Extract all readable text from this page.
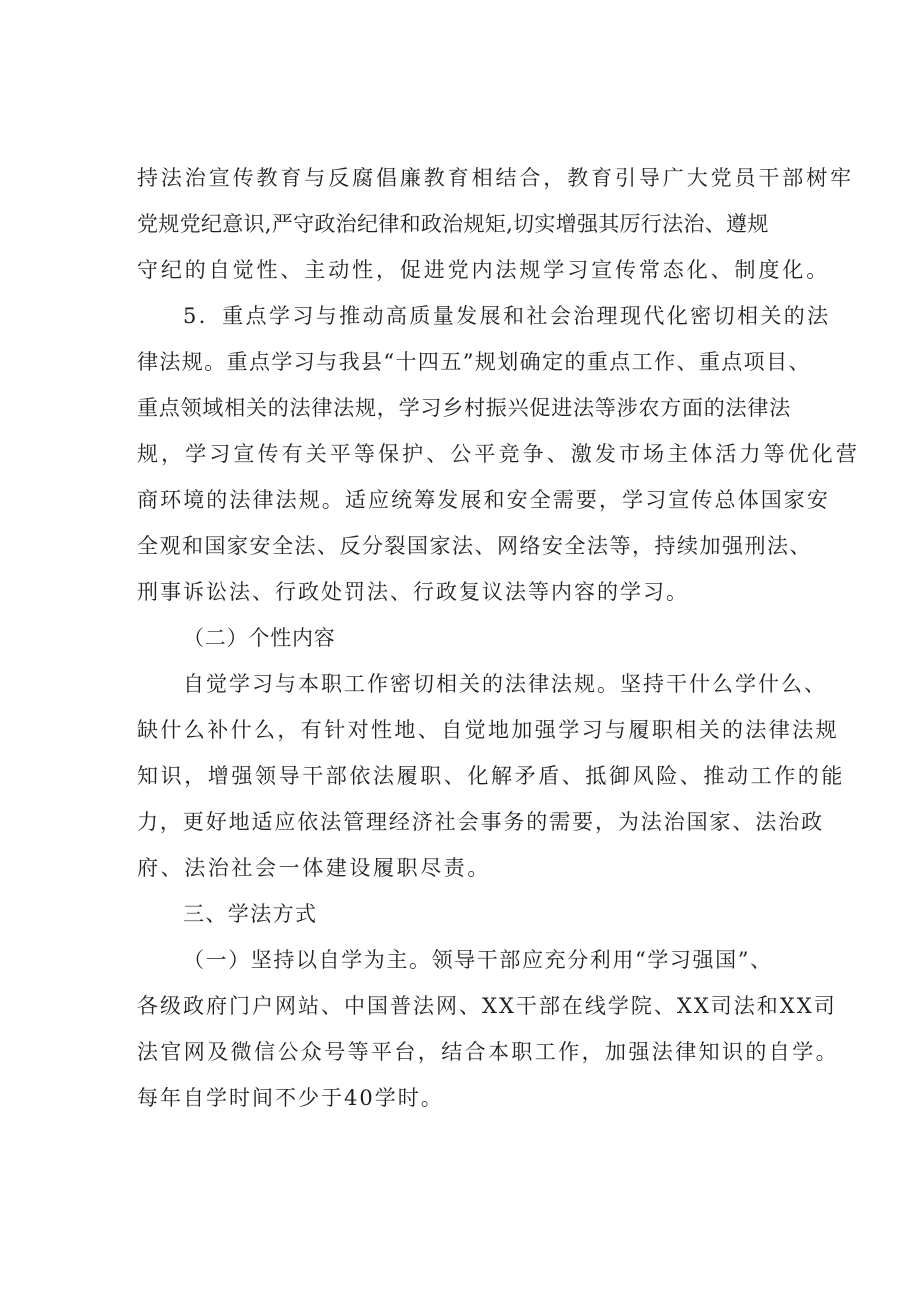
持法治宣传教育与反腐倡廉教育相结合，教育引导广大党员干部树牢
党规党纪意识,严守政治纪律和政治规矩,切实增强其厉行法治、遵规
守纪的自觉性、主动性，促进党内法规学习宣传常态化、制度化。
5．重点学习与推动高质量发展和社会治理现代化密切相关的法
律法规。重点学习与我县“十四五”规划确定的重点工作、重点项目、
重点领域相关的法律法规，学习乡村振兴促进法等涉农方面的法律法
规，学习宣传有关平等保护、公平竞争、激发市场主体活力等优化营
商环境的法律法规。适应统筹发展和安全需要，学习宣传总体国家安
全观和国家安全法、反分裂国家法、网络安全法等，持续加强刑法、
刑事诉讼法、行政处罚法、行政复议法等内容的学习。
（二）个性内容
自觉学习与本职工作密切相关的法律法规。坚持干什么学什么、
缺什么补什么，有针对性地、自觉地加强学习与履职相关的法律法规
知识，增强领导干部依法履职、化解矛盾、抵御风险、推动工作的能
力，更好地适应依法管理经济社会事务的需要，为法治国家、法治政
府、法治社会一体建设履职尽责。
三、学法方式
（一）坚持以自学为主。领导干部应充分利用“学习强国”、
各级政府门户网站、中国普法网、XX干部在线学院、XX司法和XX司
法官网及微信公众号等平台，结合本职工作，加强法律知识的自学。
每年自学时间不少于40学时。
